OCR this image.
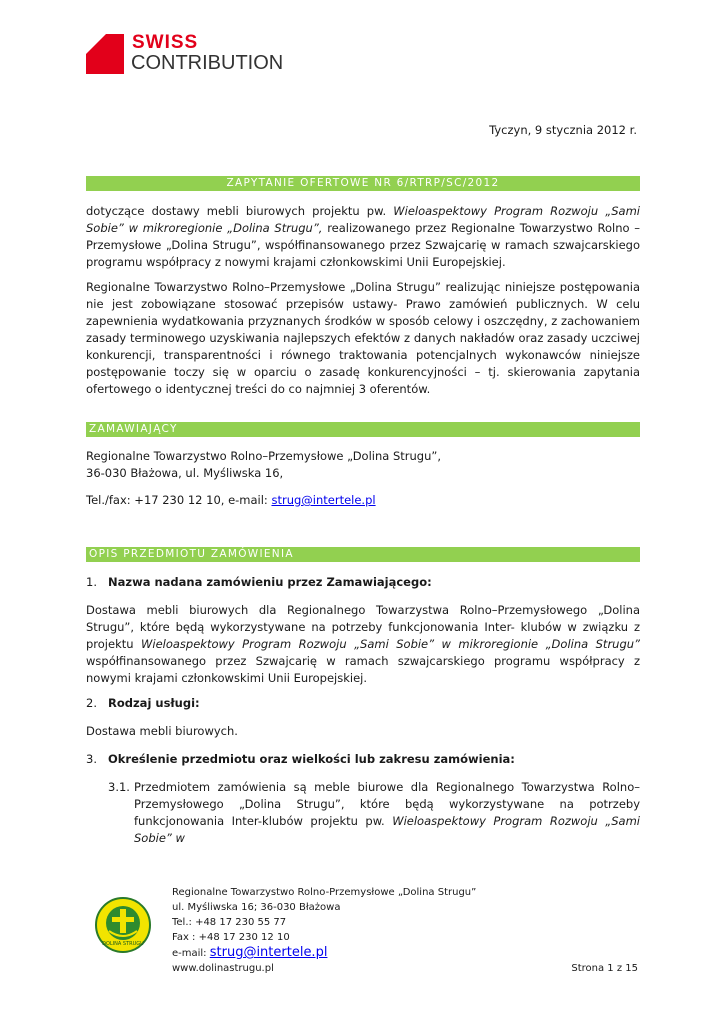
SWISS
CONTRIBUTION
Tyczyn, 9 stycznia 2012 r.
ZAPYTANIE OFERTOWE NR 6/RTRP/SC/2012
dotyczące dostawy mebli biurowych projektu pw. Wieloaspektowy Program Rozwoju „Sami Sobie” w mikroregionie „Dolina Strugu”, realizowanego przez Regionalne Towarzystwo Rolno – Przemysłowe „Dolina Strugu”, współfinansowanego przez Szwajcarię w ramach szwajcarskiego programu współpracy z nowymi krajami członkowskimi Unii Europejskiej.
Regionalne Towarzystwo Rolno–Przemysłowe „Dolina Strugu” realizując niniejsze postępowania nie jest zobowiązane stosować przepisów ustawy- Prawo zamówień publicznych. W celu zapewnienia wydatkowania przyznanych środków w sposób celowy i oszczędny, z zachowaniem zasady terminowego uzyskiwania najlepszych efektów z danych nakładów oraz zasady uczciwej konkurencji, transparentności i równego traktowania potencjalnych wykonawców niniejsze postępowanie toczy się w oparciu o zasadę konkurencyjności – tj. skierowania zapytania ofertowego o identycznej treści do co najmniej 3 oferentów.
ZAMAWIAJĄCY
Regionalne Towarzystwo Rolno–Przemysłowe „Dolina Strugu”,
36-030 Błażowa, ul. Myśliwska 16,
Tel./fax: +17 230 12 10, e-mail: strug@intertele.pl
OPIS PRZEDMIOTU ZAMÓWIENIA
1. Nazwa nadana zamówieniu przez Zamawiającego:
Dostawa mebli biurowych dla Regionalnego Towarzystwa Rolno–Przemysłowego „Dolina Strugu”, które będą wykorzystywane na potrzeby funkcjonowania Inter- klubów w związku z projektu Wieloaspektowy Program Rozwoju „Sami Sobie” w mikroregionie „Dolina Strugu” współfinansowanego przez Szwajcarię w ramach szwajcarskiego programu współpracy z nowymi krajami członkowskimi Unii Europejskiej.
2. Rodzaj usługi:
Dostawa mebli biurowych.
3. Określenie przedmiotu oraz wielkości lub zakresu zamówienia:
3.1. Przedmiotem zamówienia są meble biurowe dla Regionalnego Towarzystwa Rolno–Przemysłowego „Dolina Strugu”, które będą wykorzystywane na potrzeby funkcjonowania Inter-klubów projektu pw. Wieloaspektowy Program Rozwoju „Sami Sobie” w
DOLINA STRUGU
Regionalne Towarzystwo Rolno-Przemysłowe „Dolina Strugu”
ul. Myśliwska 16; 36-030 Błażowa
Tel.: +48 17 230 55 77
Fax : +48 17 230 12 10
e-mail: strug@intertele.pl
www.dolinastrugu.pl	Strona 1 z 15
